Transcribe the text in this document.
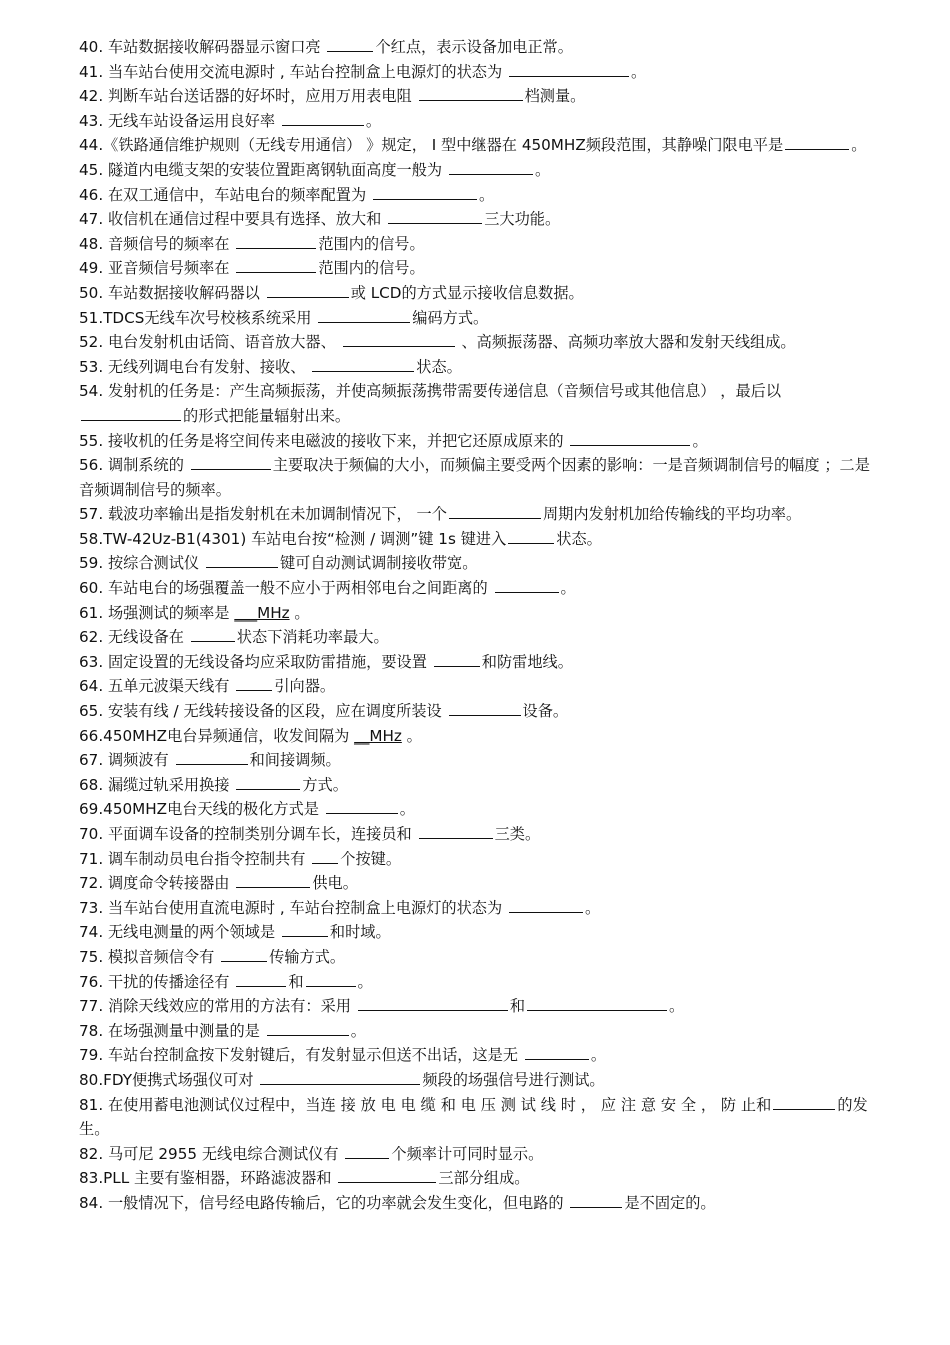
40. 车站数据接收解码器显示窗口亮	个红点，表示设备加电正常。
41. 当车站台使用交流电源时 , 车站台控制盒上电源灯的状态为	。
42. 判断车站台送话器的好坏时，应用万用表电阻	档测量。
43. 无线车站设备运用良好率	。
44.《铁路通信维护规则（无线专用通信） 》规定， I 型中继器在 450MHZ频段范围，其静噪门限电平是	。
45. 隧道内电缆支架的安装位置距离钢轨面高度一般为	。
46. 在双工通信中，车站电台的频率配置为	。
47. 收信机在通信过程中要具有选择、放大和	三大功能。
48. 音频信号的频率在	范围内的信号。
49. 亚音频信号频率在	范围内的信号。
50. 车站数据接收解码器以	或 LCD的方式显示接收信息数据。
51.TDCS无线车次号校核系统采用	编码方式。
52. 电台发射机由话筒、语音放大器、	、高频振荡器、高频功率放大器和发射天线组成。
53. 无线列调电台有发射、接收、	状态。
54. 发射机的任务是：产生高频振荡，并使高频振荡携带需要传递信息（音频信号或其他信息） ，最后以 的形式把能量辐射出来。
55. 接收机的任务是将空间传来电磁波的接收下来，并把它还原成原来的	。
56. 调制系统的	主要取决于频偏的大小，而频偏主要受两个因素的影响：一是音频调制信号的幅度 ；二是音频调制信号的频率。
57. 载波功率输出是指发射机在未加调制情况下， 一个	周期内发射机加给传输线的平均功率。
58.TW-42Uz-B1(4301) 车站电台按“检测 / 调测”键 1s 键进入	状态。
59. 按综合测试仪	键可自动测试调制接收带宽。
60. 车站电台的场强覆盖一般不应小于两相邻电台之间距离的	。
61. 场强测试的频率是 ___MHz 。
62. 无线设备在	状态下消耗功率最大。
63. 固定设置的无线设备均应采取防雷措施，要设置	和防雷地线。
64. 五单元波渠天线有	引向器。
65. 安装有线 / 无线转接设备的区段，应在调度所装设	设备。
66.450MHZ电台异频通信，收发间隔为 __MHz 。
67. 调频波有	和间接调频。
68. 漏缆过轨采用换接	方式。
69.450MHZ电台天线的极化方式是	。
70. 平面调车设备的控制类别分调车长，连接员和	三类。
71. 调车制动员电台指令控制共有 个按键。
72. 调度命令转接器由	供电。
73. 当车站台使用直流电源时 , 车站台控制盒上电源灯的状态为	。
74. 无线电测量的两个领域是	和时域。
75. 模拟音频信令有	传输方式。
76. 干扰的传播途径有	和	。
77. 消除天线效应的常用的方法有：采用	和	。
78. 在场强测量中测量的是	。
79. 车站台控制盒按下发射键后，有发射显示但送不出话，这是无	。
80.FDY便携式场强仪可对	频段的场强信号进行测试。
81. 在使用蓄电池测试仪过程中，当连 接 放 电 电 缆 和 电 压 测 试 线 时 ， 应 注 意 安 全 ， 防 止和	的发生。
82. 马可尼 2955 无线电综合测试仪有	个频率计可同时显示。
83.PLL 主要有鉴相器，环路滤波器和	三部分组成。
84. 一般情况下，信号经电路传输后，它的功率就会发生变化，但电路的	是不固定的。
